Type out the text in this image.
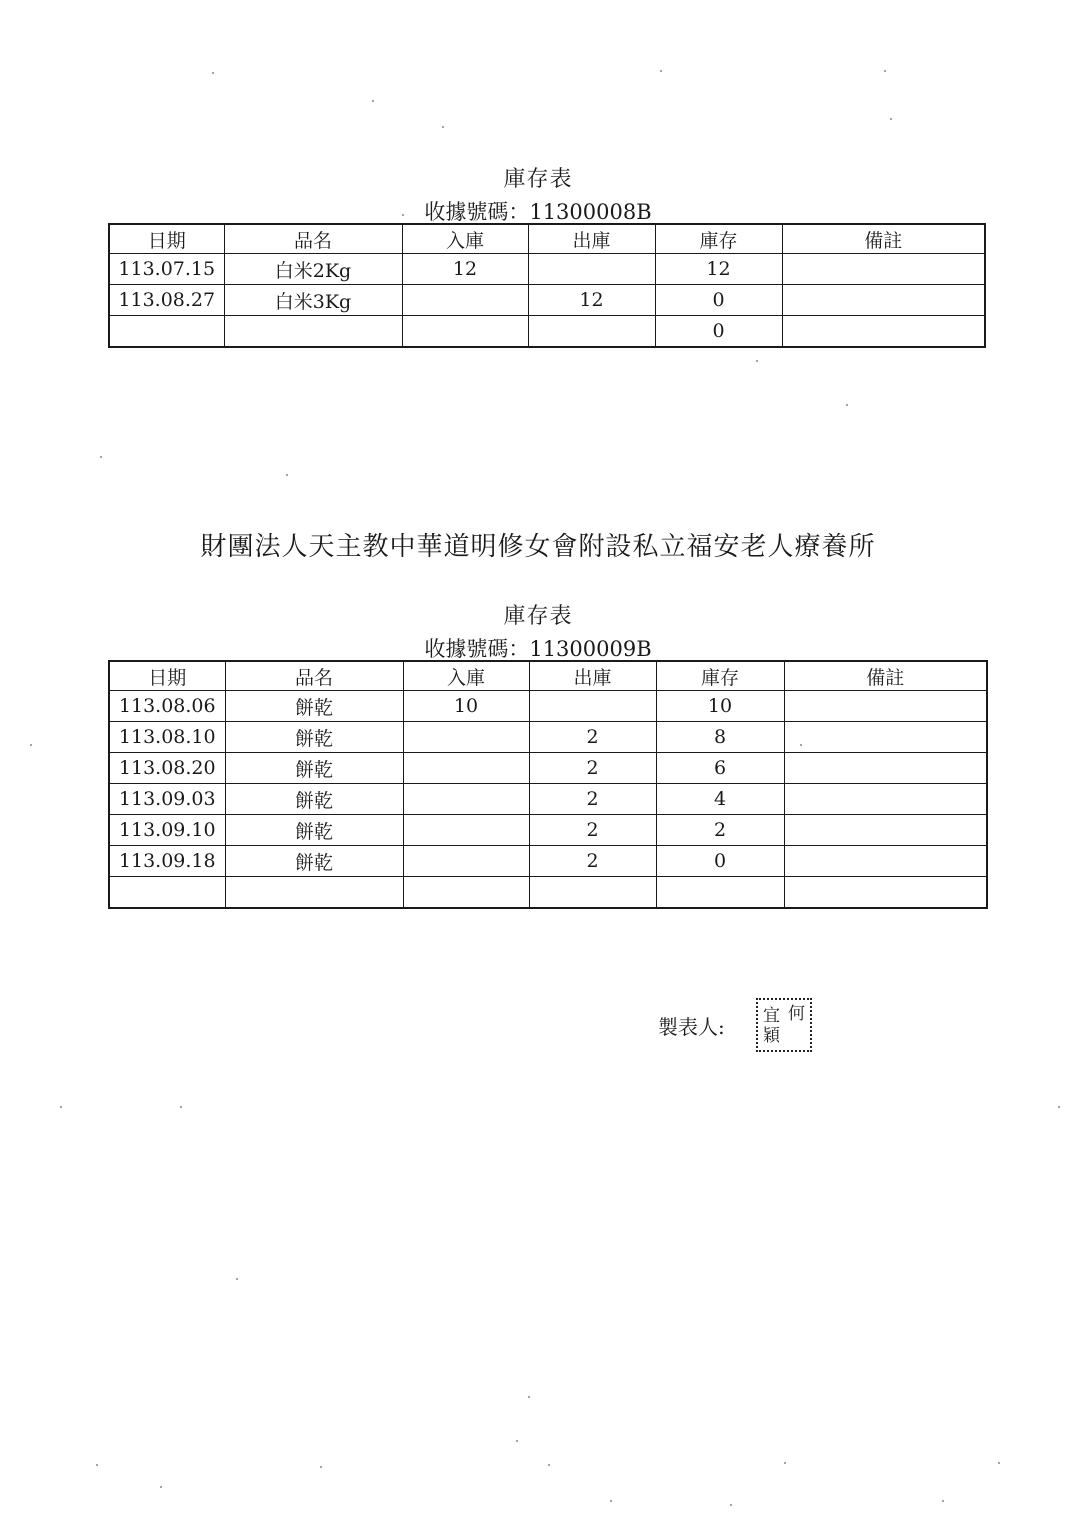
庫存表
收據號碼：11300008B
日期	品名	入庫	出庫	庫存	備註
113.07.15	白米2Kg	12		12	
113.08.27	白米3Kg		12	0	
				0	
財團法人天主教中華道明修女會附設私立福安老人療養所
庫存表
收據號碼：11300009B
日期	品名	入庫	出庫	庫存	備註
113.08.06	餅乾	10		10	
113.08.10	餅乾		2	8	
113.08.20	餅乾		2	6	
113.09.03	餅乾		2	4	
113.09.10	餅乾		2	2	
113.09.18	餅乾		2	0	

製表人:
何
宜
穎
